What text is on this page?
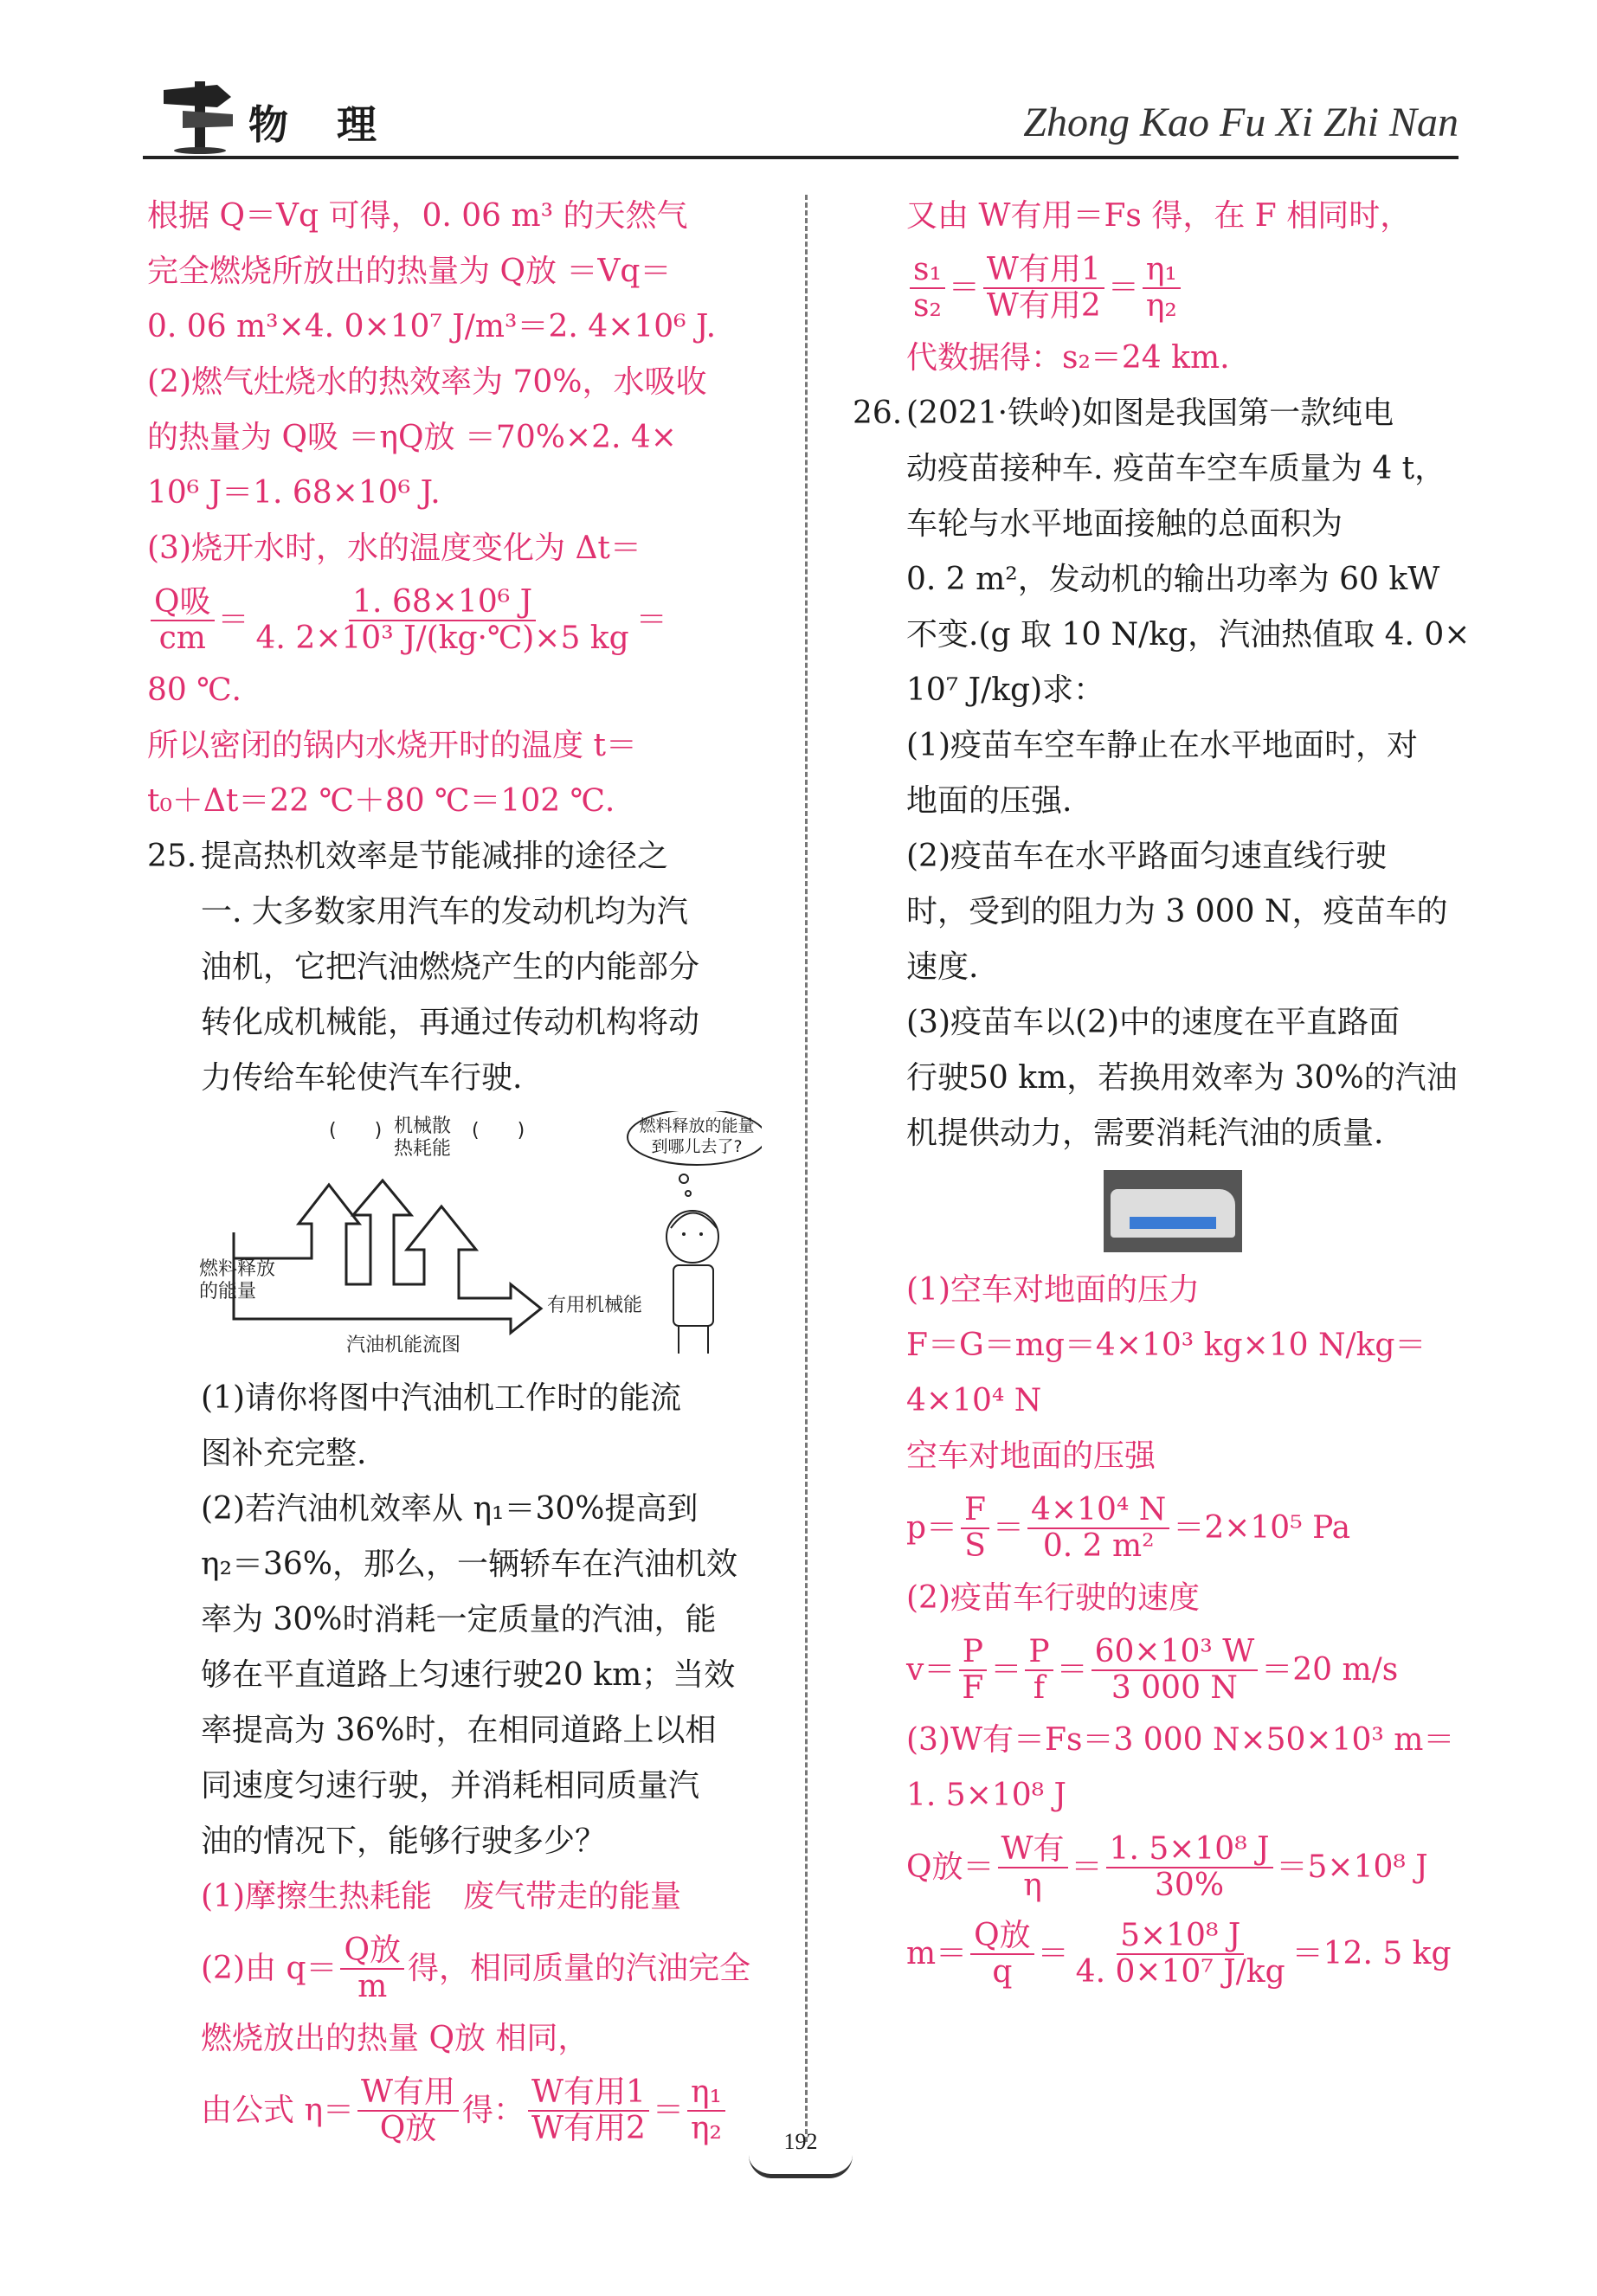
物 理	Zhong Kao Fu Xi Zhi Nan
根据 Q＝Vq 可得，0. 06 m³ 的天然气
完全燃烧所放出的热量为 Q放 ＝Vq＝
0. 06 m³×4. 0×10⁷ J/m³＝2. 4×10⁶ J.
(2)燃气灶烧水的热效率为 70%，水吸收
的热量为 Q吸 ＝ηQ放 ＝70%×2. 4×
10⁶ J＝1. 68×10⁶ J.
(3)烧开水时，水的温度变化为 Δt＝
$\frac{\text{Q吸}}{cm} = \frac{\text{1. 68×10⁶ J}}{\text{4. 2×10³ J/(kg·℃)×5 kg}}$ ＝
80 ℃.
所以密闭的锅内水烧开时的温度 t＝
t₀＋Δt＝22 ℃＋80 ℃＝102 ℃.
25. 提高热机效率是节能减排的途径之
一. 大多数家用汽车的发动机均为汽
油机，它把汽油燃烧产生的内能部分
转化成机械能，再通过传动机构将动
力传给车轮使汽车行驶.
(　　) 机械散
热耗能
(　　)
燃料释放
的能量
有用机械能
汽油机能流图
燃料释放的能量
到哪儿去了?
(1)请你将图中汽油机工作时的能流
图补充完整.
(2)若汽油机效率从 η₁＝30%提高到
η₂＝36%，那么，一辆轿车在汽油机效
率为 30%时消耗一定质量的汽油，能
够在平直道路上匀速行驶20 km；当效
率提高为 36%时，在相同道路上以相
同速度匀速行驶，并消耗相同质量汽
油的情况下，能够行驶多少？
(1)摩擦生热耗能　废气带走的能量
(2)由 $q= \frac{\text{Q放}}{m}$ 得，相同质量的汽油完全
燃烧放出的热量 Q放 相同，
由公式 $\eta= \frac{\text{W有用}}{\text{Q放}}$ 得： $\frac{\text{W有用1}}{\text{W有用2}} = \frac{\text{η₁}}{\text{η₂}}$
又由 W有用＝Fs 得，在 F 相同时，
$\frac{\text{s₁}}{\text{s₂}} = \frac{\text{W有用1}}{\text{W有用2}} = \frac{\text{η₁}}{\text{η₂}}$
代数据得：s₂＝24 km.
26. (2021·铁岭)如图是我国第一款纯电
动疫苗接种车. 疫苗车空车质量为 4 t，
车轮与水平地面接触的总面积为
0. 2 m²，发动机的输出功率为 60 kW
不变.(g 取 10 N/kg，汽油热值取 4. 0×
10⁷ J/kg)求：
(1)疫苗车空车静止在水平地面时，对
地面的压强.
(2)疫苗车在水平路面匀速直线行驶
时，受到的阻力为 3 000 N，疫苗车的
速度.
(3)疫苗车以(2)中的速度在平直路面
行驶50 km，若换用效率为 30%的汽油
机提供动力，需要消耗汽油的质量.
(1)空车对地面的压力
F＝G＝mg＝4×10³ kg×10 N/kg＝
4×10⁴ N
空车对地面的压强
$p= \frac{F}{S} = \frac{\text{4×10⁴ N}}{\text{0. 2 m²}} =2\times 10^5$ Pa
(2)疫苗车行驶的速度
$v= \frac{P}{F} = \frac{P}{f} = \frac{\text{60×10³ W}}{3 000 N} =20$ m/s
(3)W有＝Fs＝3 000 N×50×10³ m＝
1. 5×10⁸ J
Q放＝ $\frac{\text{W有}}{\eta} = \frac{\text{1. 5×10⁸ J}}{30\%} =5\times 10^8$ J
$m= \frac{\text{Q放}}{q} = \frac{\text{5×10⁸ J}}{\text{4. 0×10⁷ J/kg}} =12$. 5 kg
192
